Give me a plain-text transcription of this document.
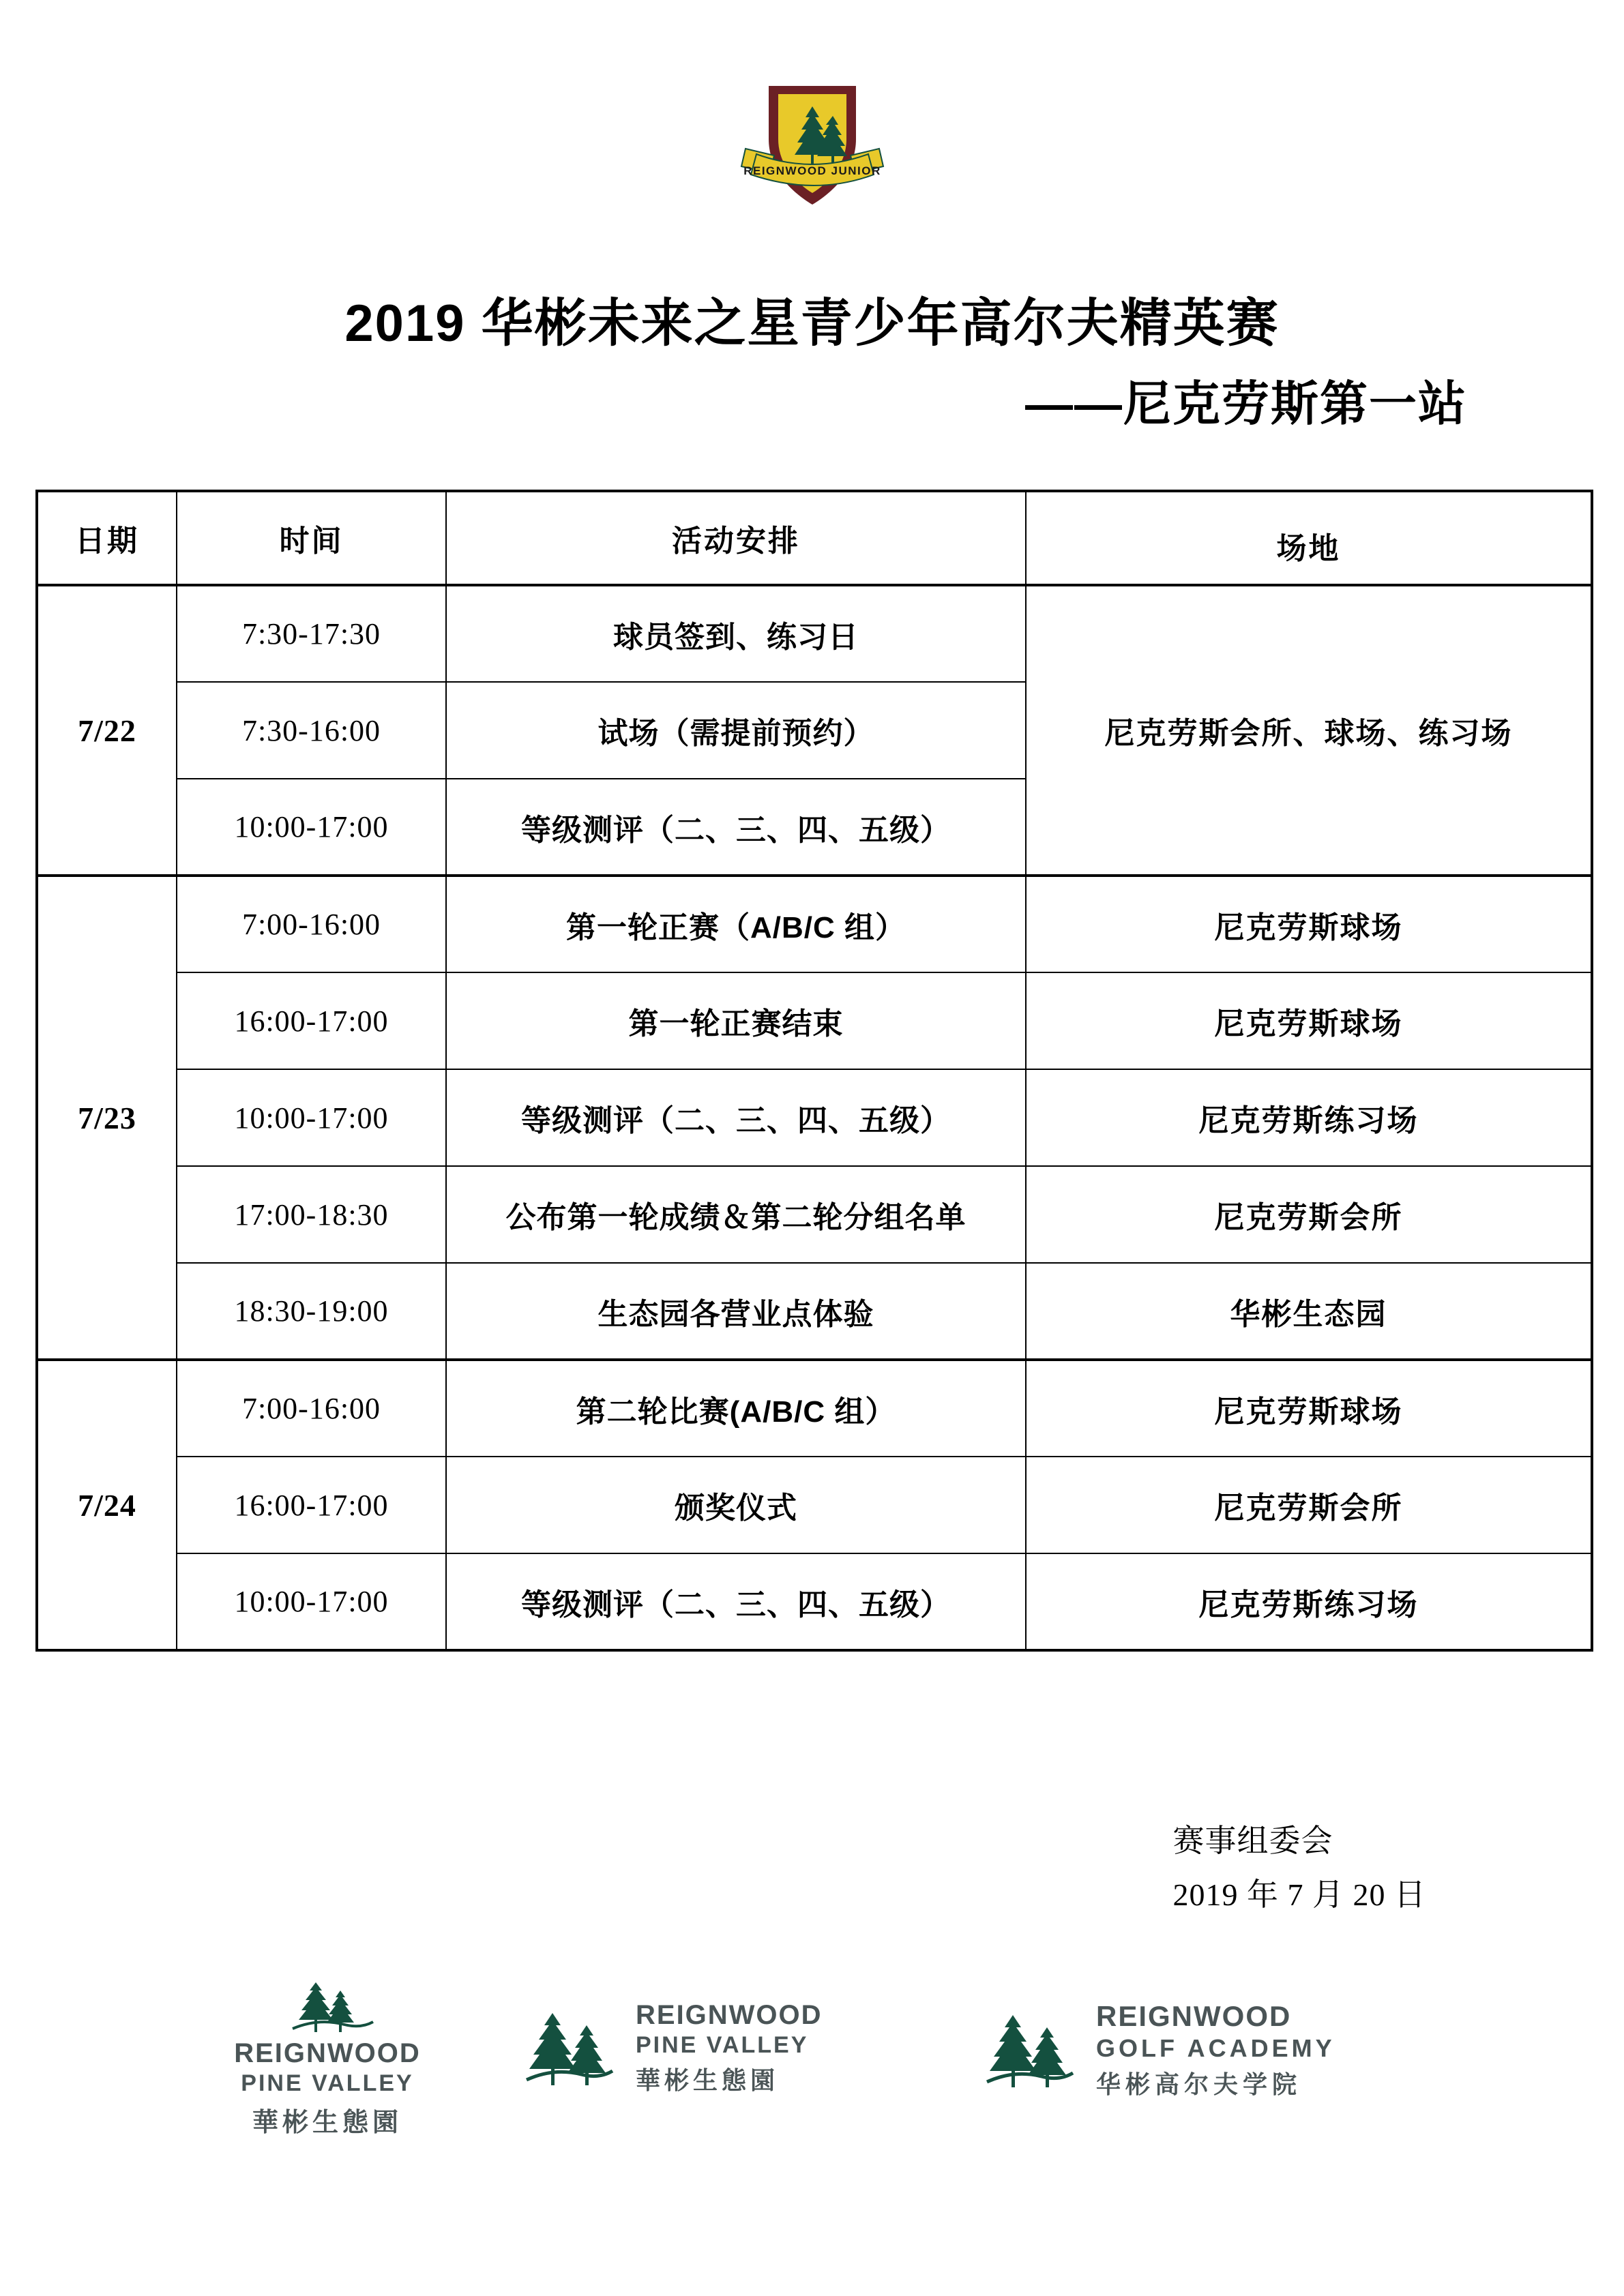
REIGNWOOD JUNIOR
2019 华彬未来之星青少年高尔夫精英赛
——尼克劳斯第一站
日期	时间	活动安排	场地
7/22	7:30-17:30	球员签到、练习日	尼克劳斯会所、球场、练习场
	7:30-16:00	试场（需提前预约）	
	10:00-17:00	等级测评（二、三、四、五级）	
7/23	7:00-16:00	第一轮正赛（A/B/C 组）	尼克劳斯球场
	16:00-17:00	第一轮正赛结束	尼克劳斯球场
	10:00-17:00	等级测评（二、三、四、五级）	尼克劳斯练习场
	17:00-18:30	公布第一轮成绩＆第二轮分组名单	尼克劳斯会所
	18:30-19:00	生态园各营业点体验	华彬生态园
7/24	7:00-16:00	第二轮比赛(A/B/C 组）	尼克劳斯球场
	16:00-17:00	颁奖仪式	尼克劳斯会所
	10:00-17:00	等级测评（二、三、四、五级）	尼克劳斯练习场
赛事组委会
2019 年 7 月 20 日
REIGNWOOD
PINE VALLEY
華彬生態園
REIGNWOOD
PINE VALLEY
華彬生態園
REIGNWOOD
GOLF ACADEMY
华彬高尔夫学院
